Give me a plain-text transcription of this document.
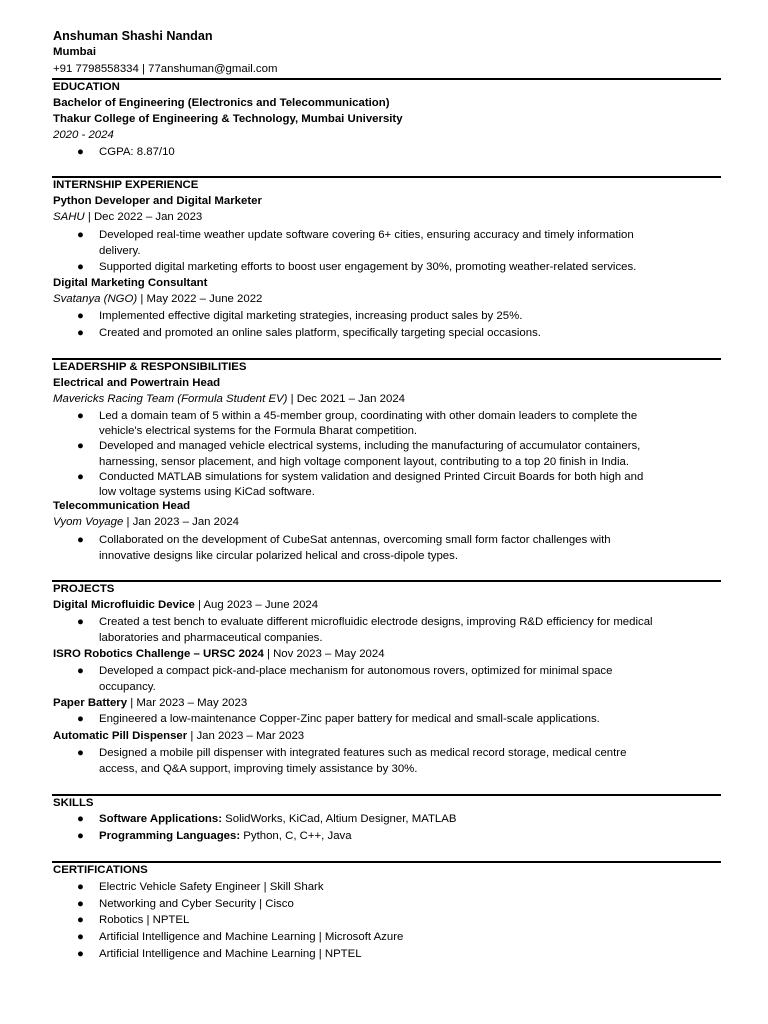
Anshuman Shashi Nandan
Mumbai
+91 7798558334 | 77anshuman@gmail.com
EDUCATION
Bachelor of Engineering (Electronics and Telecommunication)
Thakur College of Engineering & Technology, Mumbai University
2020 - 2024
● CGPA: 8.87/10
INTERNSHIP EXPERIENCE
Python Developer and Digital Marketer
SAHU | Dec 2022 – Jan 2023
● Developed real-time weather update software covering 6+ cities, ensuring accuracy and timely information
delivery.
● Supported digital marketing efforts to boost user engagement by 30%, promoting weather-related services.
Digital Marketing Consultant
Svatanya (NGO) | May 2022 – June 2022
● Implemented effective digital marketing strategies, increasing product sales by 25%.
● Created and promoted an online sales platform, specifically targeting special occasions.
LEADERSHIP & RESPONSIBILITIES
Electrical and Powertrain Head
Mavericks Racing Team (Formula Student EV) | Dec 2021 – Jan 2024
● Led a domain team of 5 within a 45-member group, coordinating with other domain leaders to complete the
vehicle's electrical systems for the Formula Bharat competition.
● Developed and managed vehicle electrical systems, including the manufacturing of accumulator containers,
harnessing, sensor placement, and high voltage component layout, contributing to a top 20 finish in India.
● Conducted MATLAB simulations for system validation and designed Printed Circuit Boards for both high and
low voltage systems using KiCad software.
Telecommunication Head
Vyom Voyage | Jan 2023 – Jan 2024
● Collaborated on the development of CubeSat antennas, overcoming small form factor challenges with
innovative designs like circular polarized helical and cross-dipole types.
PROJECTS
Digital Microfluidic Device | Aug 2023 – June 2024
● Created a test bench to evaluate different microfluidic electrode designs, improving R&D efficiency for medical
laboratories and pharmaceutical companies.
ISRO Robotics Challenge – URSC 2024 | Nov 2023 – May 2024
● Developed a compact pick-and-place mechanism for autonomous rovers, optimized for minimal space
occupancy.
Paper Battery | Mar 2023 – May 2023
● Engineered a low-maintenance Copper-Zinc paper battery for medical and small-scale applications.
Automatic Pill Dispenser | Jan 2023 – Mar 2023
● Designed a mobile pill dispenser with integrated features such as medical record storage, medical centre
access, and Q&A support, improving timely assistance by 30%.
SKILLS
● Software Applications: SolidWorks, KiCad, Altium Designer, MATLAB
● Programming Languages: Python, C, C++, Java
CERTIFICATIONS
● Electric Vehicle Safety Engineer | Skill Shark
● Networking and Cyber Security | Cisco
● Robotics | NPTEL
● Artificial Intelligence and Machine Learning | Microsoft Azure
● Artificial Intelligence and Machine Learning | NPTEL
